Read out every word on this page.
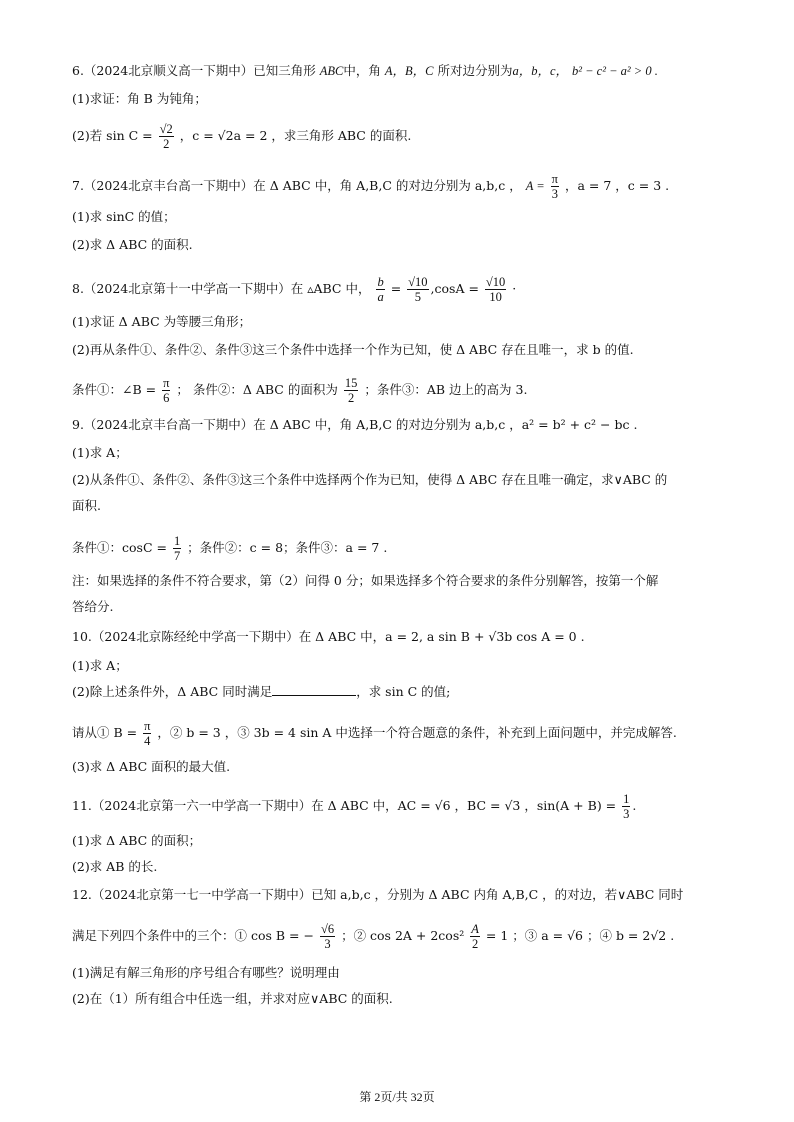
6.（2024北京顺义高一下期中）已知三角形 ABC中，角 A，B，C 所对边分别为a，b，c， b² − c² − a² > 0 .
(1)求证：角 B 为钝角；
(2)若 $\sin C = \frac{√2}{2}$ ，c = √2a = 2 ，求三角形 ABC 的面积.
7.（2024北京丰台高一下期中）在 Δ ABC 中，角 A,B,C 的对边分别为 a,b,c ， $A = \frac{\pi}{3}$ ，a = 7 ，c = 3 .
(1)求 sinC 的值；
(2)求 Δ ABC 的面积.
8.（2024北京第十一中学高一下期中）在 ▵ABC 中， $\frac{b}{a} = \frac{√10}{5} ,\cos A = \frac{√10}{10}$ ·
(1)求证 Δ ABC 为等腰三角形；
(2)再从条件①、条件②、条件③这三个条件中选择一个作为已知，使 Δ ABC 存在且唯一，求 b 的值.
条件①：∠B = $\frac{\pi}{6}$ ； 条件②：Δ ABC 的面积为 $\frac{15}{2}$ ；条件③：AB 边上的高为 3.
9.（2024北京丰台高一下期中）在 Δ ABC 中，角 A,B,C 的对边分别为 a,b,c ，a² = b² + c² − bc .
(1)求 A；
(2)从条件①、条件②、条件③这三个条件中选择两个作为已知，使得 Δ ABC 存在且唯一确定，求∨ABC 的
面积.
条件①：$\cos C = \frac{1}{7}$ ；条件②：c = 8；条件③：a = 7 .
注：如果选择的条件不符合要求，第（2）问得 0 分；如果选择多个符合要求的条件分别解答，按第一个解
答给分.
10.（2024北京陈经纶中学高一下期中）在 Δ ABC 中，a = 2, a sin B + √3b cos A = 0 .
(1)求 A；
(2)除上述条件外，Δ ABC 同时满足	，求 sin C 的值;
请从① $B = \frac{\pi}{4}$ ，② b = 3 ，③ 3b = 4 sin A 中选择一个符合题意的条件，补充到上面问题中，并完成解答.
(3)求 Δ ABC 面积的最大值.
11.（2024北京第一六一中学高一下期中）在 Δ ABC 中，AC = √6 ，BC = √3 ，$\sin(A + B) = \frac{1}{3}$ .
(1)求 Δ ABC 的面积；
(2)求 AB 的长.
12.（2024北京第一七一中学高一下期中）已知 a,b,c ，分别为 Δ ABC 内角 A,B,C ，的对边，若∨ABC 同时
满足下列四个条件中的三个：① cos B = − $\frac{√6}{3}$ ；② $\cos 2A + 2\cos^2 \frac{A}{2} = 1$ ；③ a = √6 ；④ b = 2√2 .
(1)满足有解三角形的序号组合有哪些？说明理由
(2)在（1）所有组合中任选一组，并求对应∨ABC 的面积.
第 2页/共 32页
